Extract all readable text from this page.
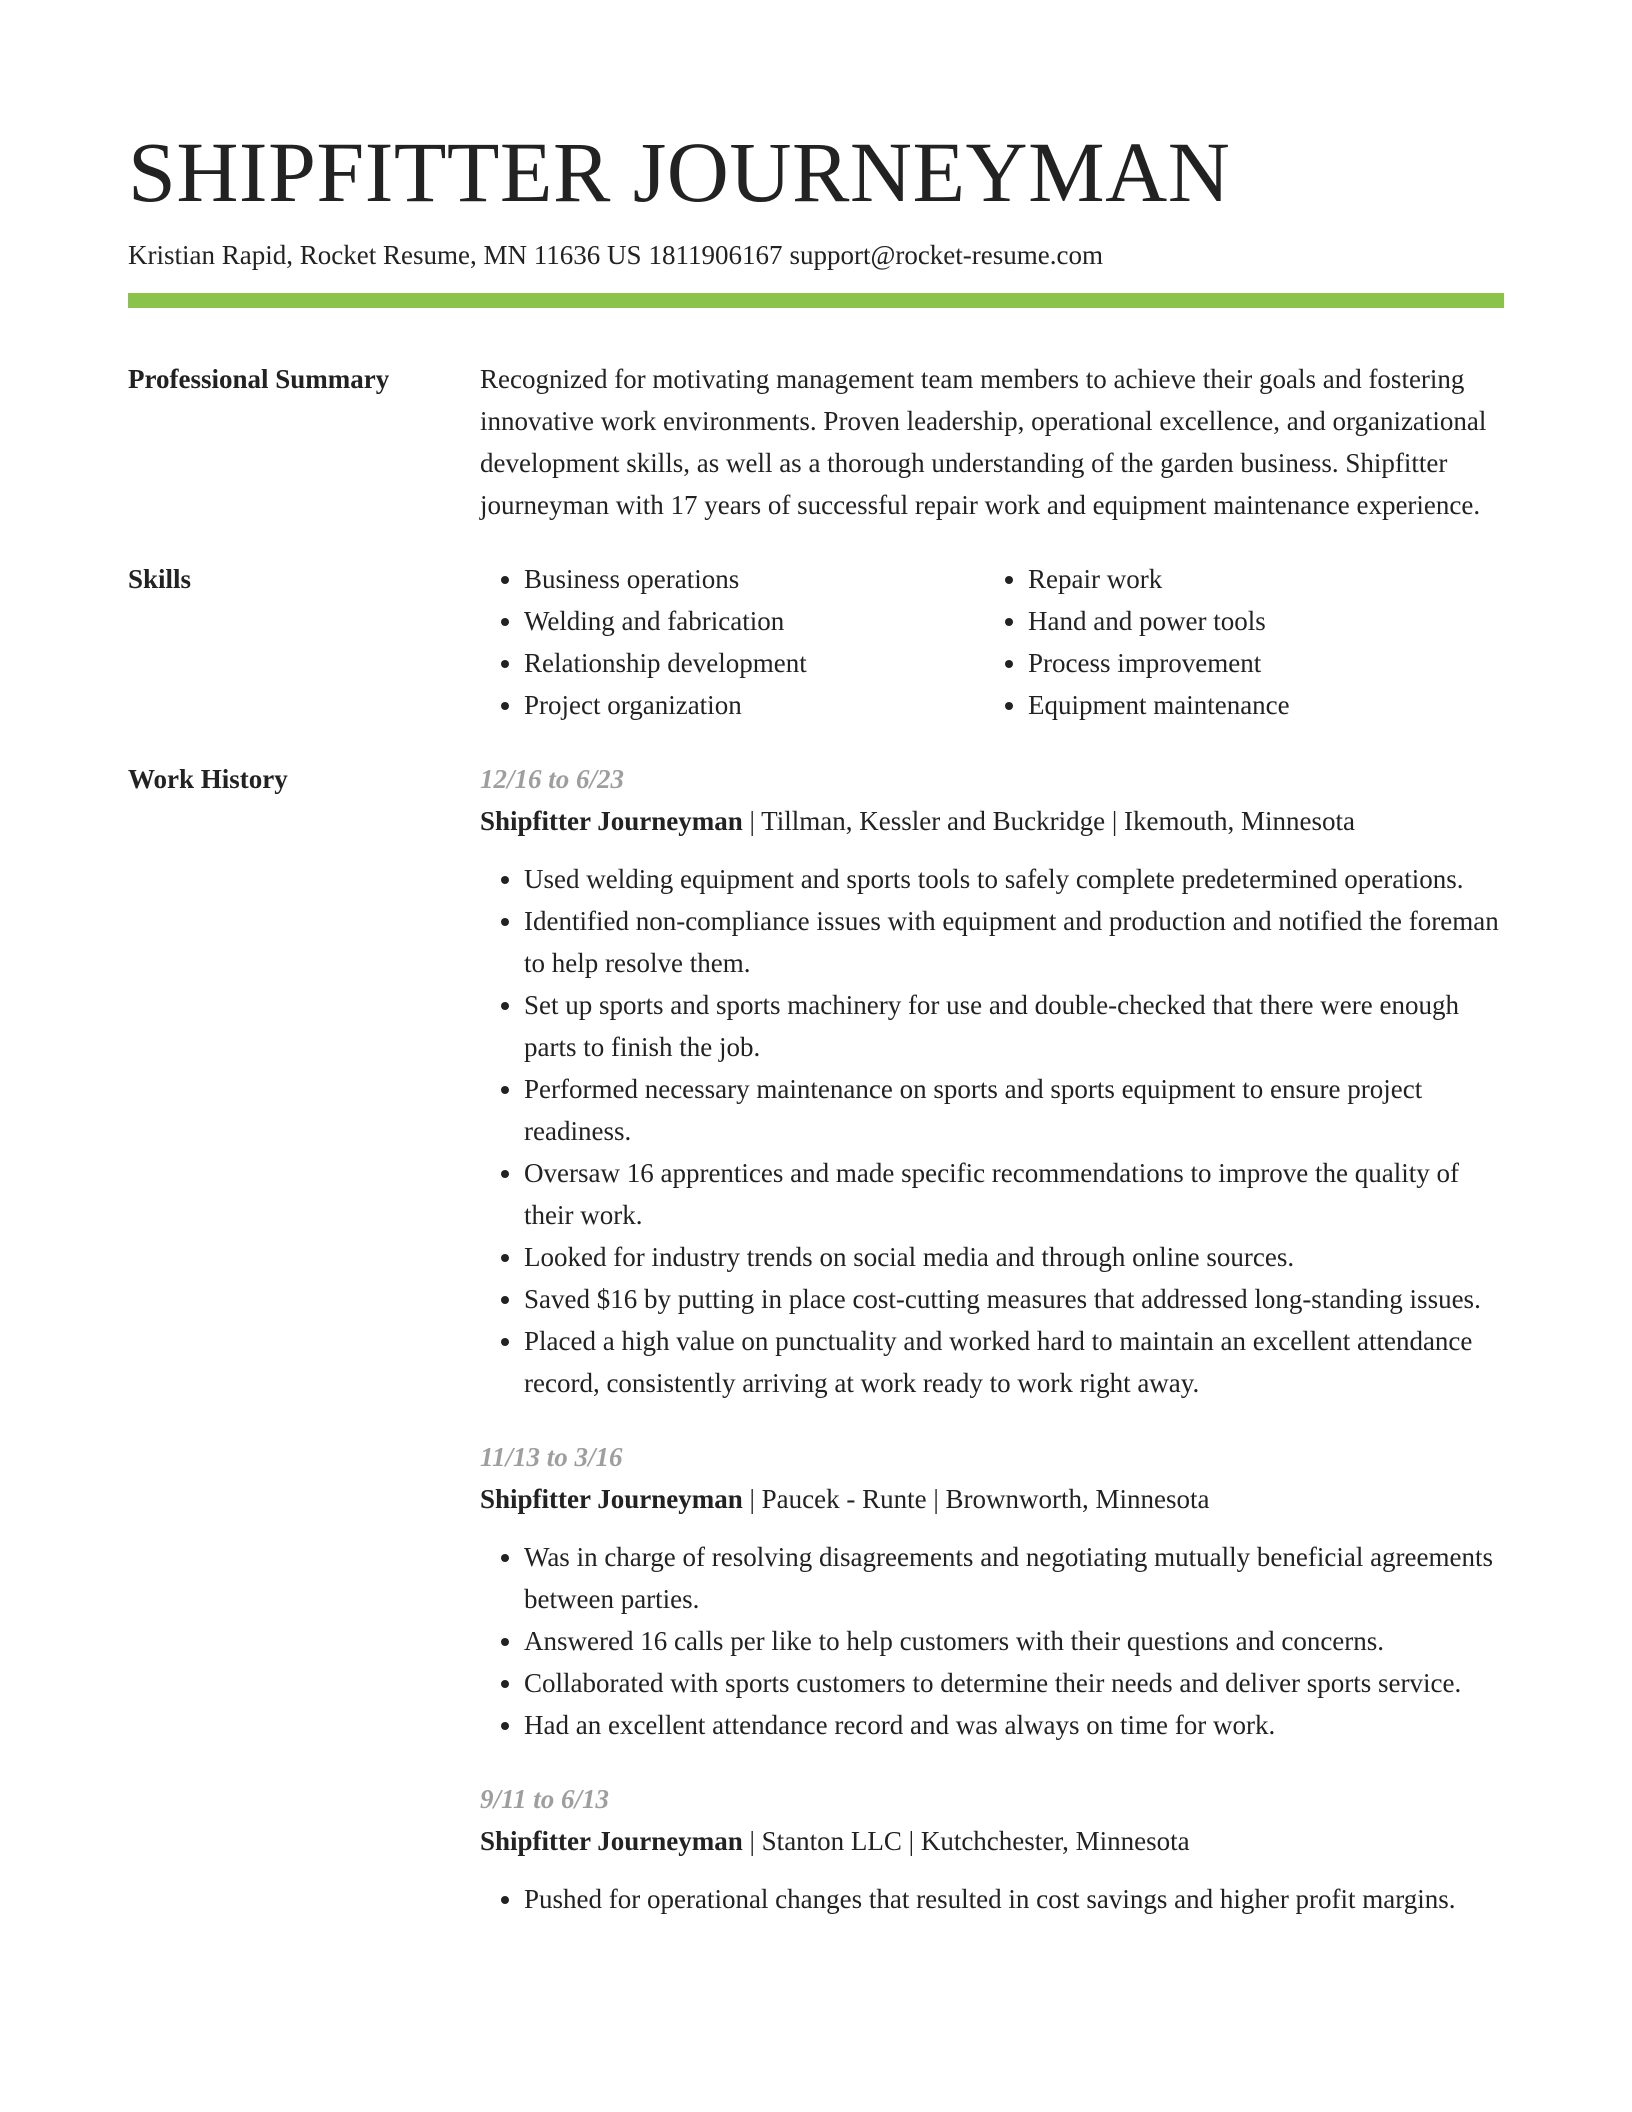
SHIPFITTER JOURNEYMAN
Kristian Rapid, Rocket Resume, MN 11636 US 1811906167 support@rocket-resume.com
Professional Summary	Recognized for motivating management team members to achieve their goals and fostering innovative work environments. Proven leadership, operational excellence, and organizational development skills, as well as a thorough understanding of the garden business. Shipfitter journeyman with 17 years of successful repair work and equipment maintenance experience.
Skills
•	Business operations
• Welding and fabrication
• Relationship development
• Project organization
• Repair work
• Hand and power tools
• Process improvement
• Equipment maintenance
Work History	12/16 to 6/23
Shipfitter Journeyman | Tillman, Kessler and Buckridge | Ikemouth, Minnesota
• Used welding equipment and sports tools to safely complete predetermined operations.
• Identified non-compliance issues with equipment and production and notified the foreman to help resolve them.
• Set up sports and sports machinery for use and double-checked that there were enough parts to finish the job.
• Performed necessary maintenance on sports and sports equipment to ensure project readiness.
• Oversaw 16 apprentices and made specific recommendations to improve the quality of their work.
• Looked for industry trends on social media and through online sources.
• Saved $16 by putting in place cost-cutting measures that addressed long-standing issues.
• Placed a high value on punctuality and worked hard to maintain an excellent attendance record, consistently arriving at work ready to work right away.
11/13 to 3/16
Shipfitter Journeyman | Paucek - Runte | Brownworth, Minnesota
• Was in charge of resolving disagreements and negotiating mutually beneficial agreements between parties.
• Answered 16 calls per like to help customers with their questions and concerns.
• Collaborated with sports customers to determine their needs and deliver sports service.
• Had an excellent attendance record and was always on time for work.
9/11 to 6/13
Shipfitter Journeyman | Stanton LLC | Kutchchester, Minnesota
• Pushed for operational changes that resulted in cost savings and higher profit margins.
